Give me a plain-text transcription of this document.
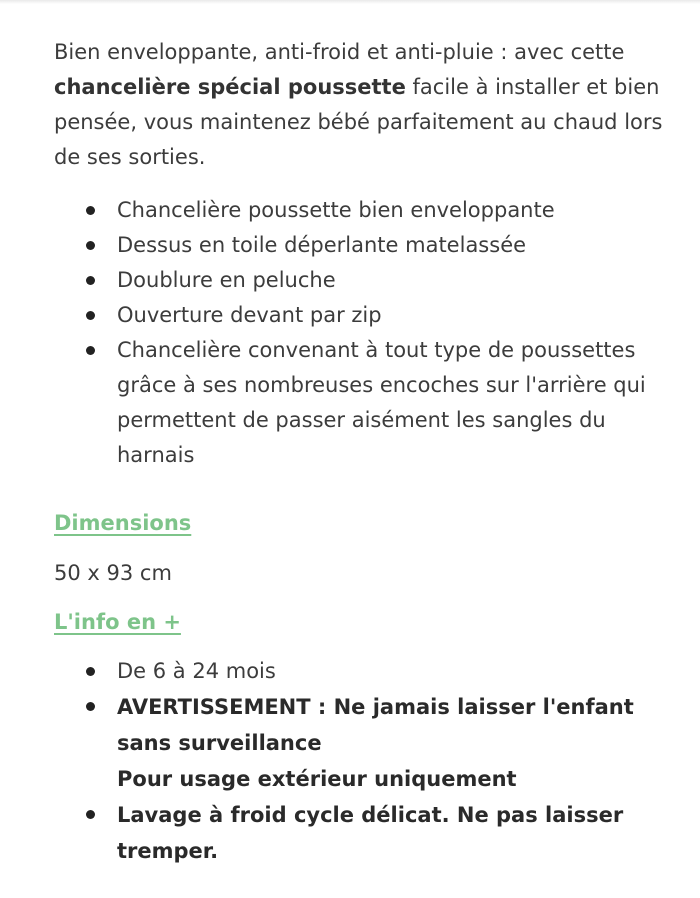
Bien enveloppante, anti-froid et anti-pluie : avec cette chancelière spécial poussette facile à installer et bien pensée, vous maintenez bébé parfaitement au chaud lors de ses sorties.

Chancelière poussette bien enveloppante
Dessus en toile déperlante matelassée
Doublure en peluche
Ouverture devant par zip
Chancelière convenant à tout type de poussettes grâce à ses nombreuses encoches sur l'arrière qui permettent de passer aisément les sangles du harnais
Dimensions

50 x 93 cm

L'info en +
De 6 à 24 mois
AVERTISSEMENT : Ne jamais laisser l'enfant sans surveillance
Pour usage extérieur uniquement
Lavage à froid cycle délicat. Ne pas laisser tremper.
